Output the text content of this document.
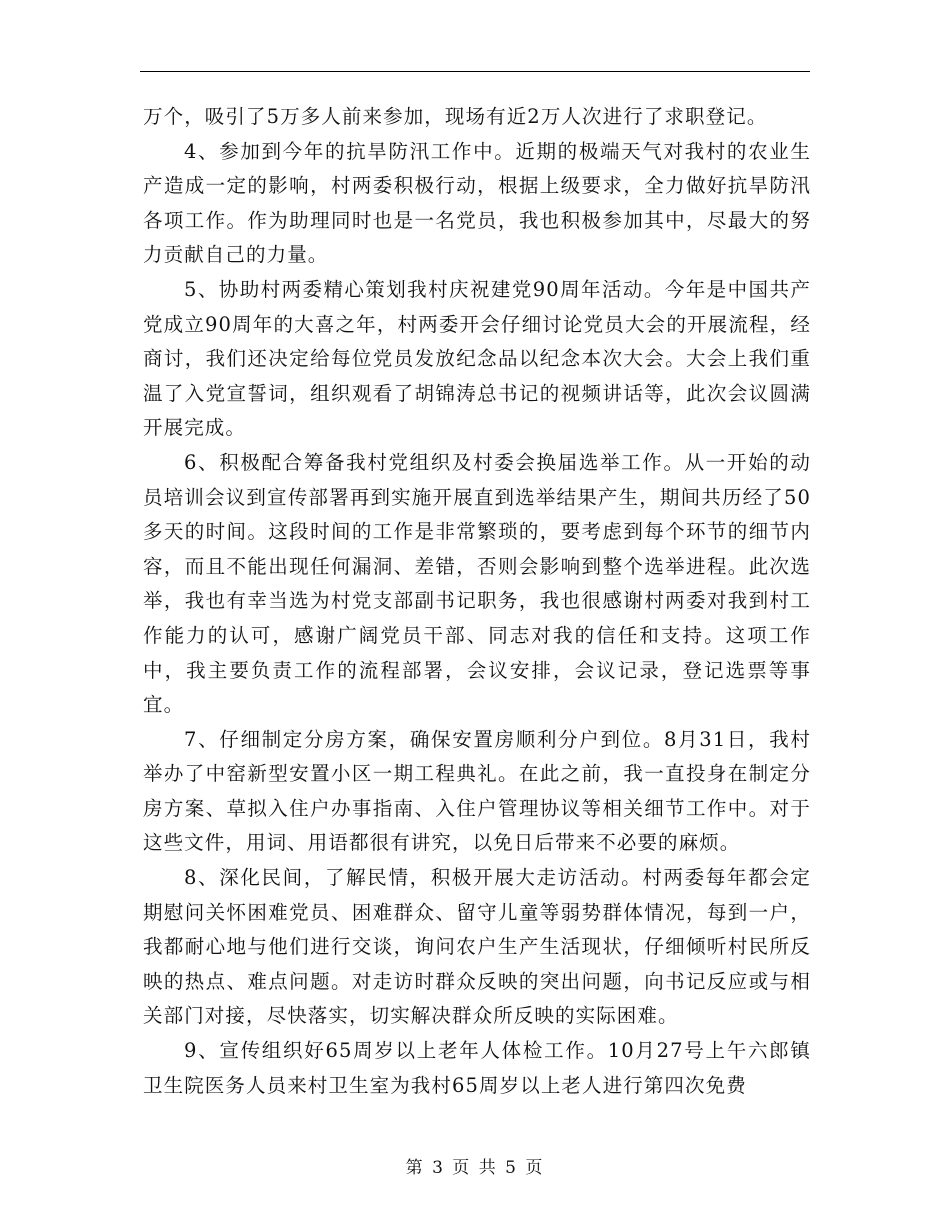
万个，吸引了5万多人前来参加，现场有近2万人次进行了求职登记。

4、参加到今年的抗旱防汛工作中。近期的极端天气对我村的农业生产造成一定的影响，村两委积极行动，根据上级要求，全力做好抗旱防汛各项工作。作为助理同时也是一名党员，我也积极参加其中，尽最大的努力贡献自己的力量。

5、协助村两委精心策划我村庆祝建党90周年活动。今年是中国共产党成立90周年的大喜之年，村两委开会仔细讨论党员大会的开展流程，经商讨，我们还决定给每位党员发放纪念品以纪念本次大会。大会上我们重温了入党宣誓词，组织观看了胡锦涛总书记的视频讲话等，此次会议圆满开展完成。

6、积极配合筹备我村党组织及村委会换届选举工作。从一开始的动员培训会议到宣传部署再到实施开展直到选举结果产生，期间共历经了50多天的时间。这段时间的工作是非常繁琐的，要考虑到每个环节的细节内容，而且不能出现任何漏洞、差错，否则会影响到整个选举进程。此次选举，我也有幸当选为村党支部副书记职务，我也很感谢村两委对我到村工作能力的认可，感谢广阔党员干部、同志对我的信任和支持。这项工作中，我主要负责工作的流程部署，会议安排，会议记录，登记选票等事宜。

7、仔细制定分房方案，确保安置房顺利分户到位。8月31日，我村举办了中窑新型安置小区一期工程典礼。在此之前，我一直投身在制定分房方案、草拟入住户办事指南、入住户管理协议等相关细节工作中。对于这些文件，用词、用语都很有讲究，以免日后带来不必要的麻烦。

8、深化民间，了解民情，积极开展大走访活动。村两委每年都会定期慰问关怀困难党员、困难群众、留守儿童等弱势群体情况，每到一户，我都耐心地与他们进行交谈，询问农户生产生活现状，仔细倾听村民所反映的热点、难点问题。对走访时群众反映的突出问题，向书记反应或与相关部门对接，尽快落实，切实解决群众所反映的实际困难。

9、宣传组织好65周岁以上老年人体检工作。10月27号上午六郎镇卫生院医务人员来村卫生室为我村65周岁以上老人进行第四次免费

第 3 页 共 5 页
